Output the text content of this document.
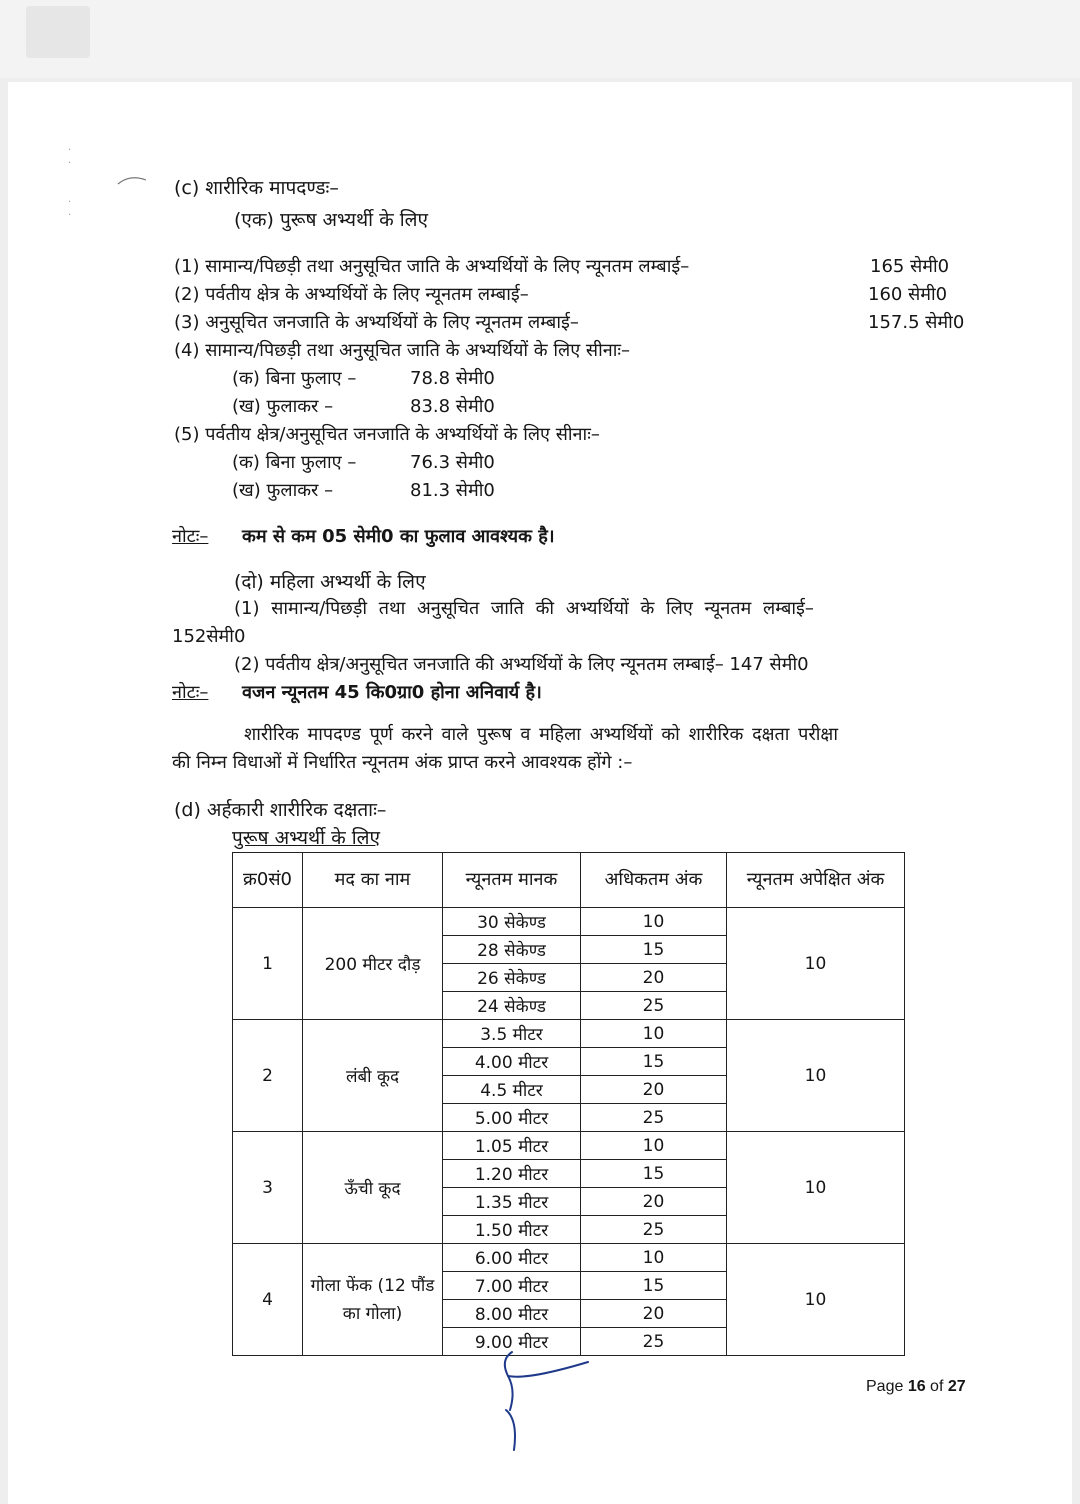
·
·

·
·
(c) शारीरिक मापदण्डः–
(एक) पुरूष अभ्यर्थी के लिए
(1) सामान्य/पिछड़ी तथा अनुसूचित जाति के अभ्यर्थियों के लिए न्यूनतम लम्बाई–	165 सेमी0
(2) पर्वतीय क्षेत्र के अभ्यर्थियों के लिए न्यूनतम लम्बाई–	160 सेमी0
(3) अनुसूचित जनजाति के अभ्यर्थियों के लिए न्यूनतम लम्बाई–	157.5 सेमी0
(4) सामान्य/पिछड़ी तथा अनुसूचित जाति के अभ्यर्थियों के लिए सीनाः–
(क) बिना फुलाए –	78.8 सेमी0
(ख) फुलाकर –	83.8 सेमी0
(5) पर्वतीय क्षेत्र/अनुसूचित जनजाति के अभ्यर्थियों के लिए सीनाः–
(क) बिना फुलाए –	76.3 सेमी0
(ख) फुलाकर –	81.3 सेमी0
नोटः– कम से कम 05 सेमी0 का फुलाव आवश्यक है।
(दो) महिला अभ्यर्थी के लिए
(1) सामान्य/पिछड़ी तथा अनुसूचित जाति की अभ्यर्थियों के लिए न्यूनतम लम्बाई–
152सेमी0
(2) पर्वतीय क्षेत्र/अनुसूचित जनजाति की अभ्यर्थियों के लिए न्यूनतम लम्बाई– 147 सेमी0
नोटः– वजन न्यूनतम 45 कि0ग्रा0 होना अनिवार्य है।
शारीरिक मापदण्ड पूर्ण करने वाले पुरूष व महिला अभ्यर्थियों को शारीरिक दक्षता परीक्षा
की निम्न विधाओं में निर्धारित न्यूनतम अंक प्राप्त करने आवश्यक होंगे :–
(d) अर्हकारी शारीरिक दक्षताः–
पुरूष अभ्यर्थी के लिए
क्र0सं0	मद का नाम	न्यूनतम मानक	अधिकतम अंक	न्यूनतम अपेक्षित अंक
1	200 मीटर दौड़	30 सेकेण्ड	10	10
		28 सेकेण्ड	15	
		26 सेकेण्ड	20	
		24 सेकेण्ड	25	
2	लंबी कूद	3.5 मीटर	10	10
		4.00 मीटर	15	
		4.5 मीटर	20	
		5.00 मीटर	25	
3	ऊँची कूद	1.05 मीटर	10	10
		1.20 मीटर	15	
		1.35 मीटर	20	
		1.50 मीटर	25	
4	गोला फेंक (12 पौंड का गोला)	6.00 मीटर	10	10
		7.00 मीटर	15	
		8.00 मीटर	20	
		9.00 मीटर	25	
Page 16 of 27
